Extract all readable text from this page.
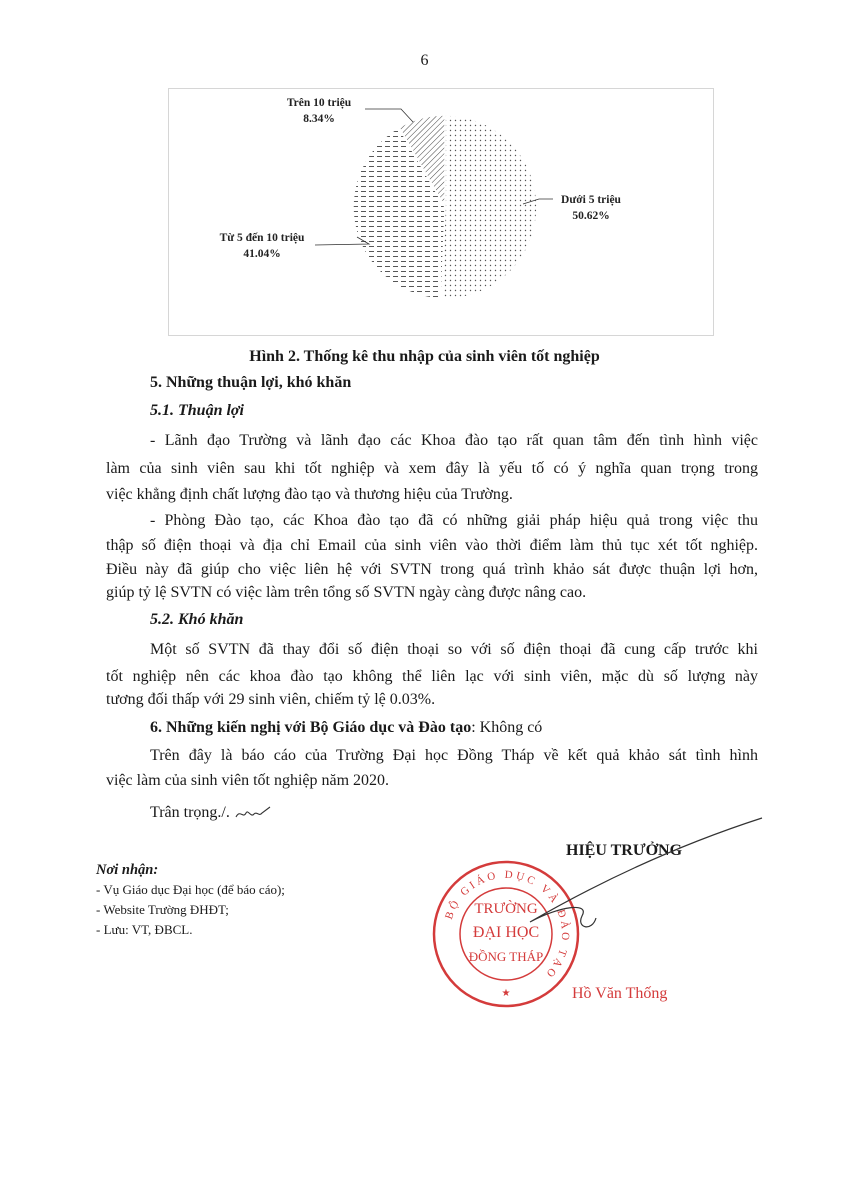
6
Dưới 5 triệu
50.62%
Từ 5 đến 10 triệu
41.04%
Trên 10 triệu
8.34%
Hình 2. Thống kê thu nhập của sinh viên tốt nghiệp
5. Những thuận lợi, khó khăn
5.1. Thuận lợi
- Lãnh đạo Trường và lãnh đạo các Khoa đào tạo rất quan tâm đến tình hình việc
làm của sinh viên sau khi tốt nghiệp và xem đây là yếu tố có ý nghĩa quan trọng trong
việc khẳng định chất lượng đào tạo và thương hiệu của Trường.
- Phòng Đào tạo, các Khoa đào tạo đã có những giải pháp hiệu quả trong việc thu
thập số điện thoại và địa chỉ Email của sinh viên vào thời điểm làm thủ tục xét tốt nghiệp.
Điều này đã giúp cho việc liên hệ với SVTN trong quá trình khảo sát được thuận lợi hơn,
giúp tỷ lệ SVTN có việc làm trên tổng số SVTN ngày càng được nâng cao.
5.2. Khó khăn
Một số SVTN đã thay đổi số điện thoại so với số điện thoại đã cung cấp trước khi
tốt nghiệp nên các khoa đào tạo không thể liên lạc với sinh viên, mặc dù số lượng này
tương đối thấp với 29 sinh viên, chiếm tỷ lệ 0.03%.
6. Những kiến nghị với Bộ Giáo dục và Đào tạo: Không có
Trên đây là báo cáo của Trường Đại học Đồng Tháp về kết quả khảo sát tình hình
việc làm của sinh viên tốt nghiệp năm 2020.
Trân trọng./.
HIỆU TRƯỞNG
Nơi nhận:
- Vụ Giáo dục Đại học (để báo cáo);
- Website Trường ĐHĐT;
- Lưu: VT, ĐBCL.
BỘ GIÁO DỤC VÀ ĐÀO TẠO
TRƯỜNG
ĐẠI HỌC
ĐỒNG THÁP
★	Hồ Văn Thống
